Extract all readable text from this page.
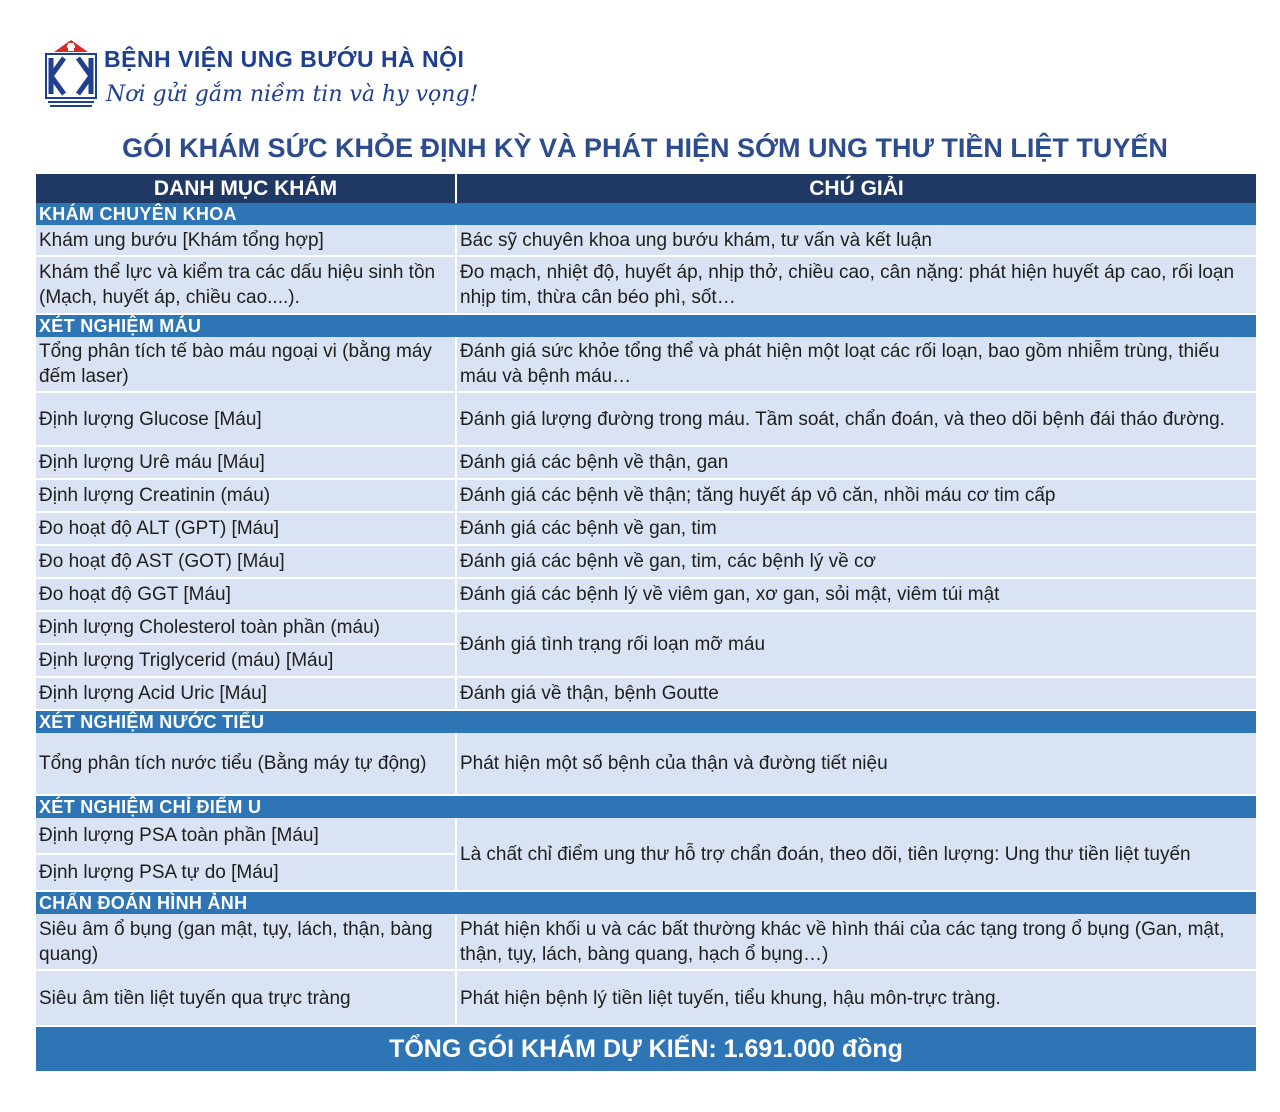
BỆNH VIỆN UNG BƯỚU HÀ NỘI
Nơi gửi gắm niềm tin và hy vọng!
GÓI KHÁM SỨC KHỎE ĐỊNH KỲ VÀ PHÁT HIỆN SỚM UNG THƯ TIỀN LIỆT TUYẾN
DANH MỤC KHÁM	CHÚ GIẢI
KHÁM CHUYÊN KHOA	
Khám ung bướu [Khám tổng hợp]	Bác sỹ chuyên khoa ung bướu khám, tư vấn và kết luận
Khám thể lực và kiểm tra các dấu hiệu sinh tồn (Mạch, huyết áp, chiều cao....).	Đo mạch, nhiệt độ, huyết áp, nhịp thở, chiều cao, cân nặng: phát hiện huyết áp cao, rối loạn nhịp tim, thừa cân béo phì, sốt…
XÉT NGHIỆM MÁU	
Tổng phân tích tế bào máu ngoại vi (bằng máy đếm laser)	Đánh giá sức khỏe tổng thể và phát hiện một loạt các rối loạn, bao gồm nhiễm trùng, thiếu máu và bệnh máu…
Định lượng Glucose [Máu]	Đánh giá lượng đường trong máu. Tầm soát, chẩn đoán, và theo dõi bệnh đái tháo đường.
Định lượng Urê máu [Máu]	Đánh giá các bệnh về thận, gan
Định lượng Creatinin (máu)	Đánh giá các bệnh về thận; tăng huyết áp vô căn, nhồi máu cơ tim cấp
Đo hoạt độ ALT (GPT) [Máu]	Đánh giá các bệnh về gan, tim
Đo hoạt độ AST (GOT) [Máu]	Đánh giá các bệnh về gan, tim, các bệnh lý về cơ
Đo hoạt độ GGT [Máu]	Đánh giá các bệnh lý về viêm gan, xơ gan, sỏi mật, viêm túi mật
Định lượng Cholesterol toàn phần (máu)	Đánh giá tình trạng rối loạn mỡ máu
Định lượng Triglycerid (máu) [Máu]	
Định lượng Acid Uric [Máu]	Đánh giá về thận, bệnh Goutte
XÉT NGHIỆM NƯỚC TIỂU	
Tổng phân tích nước tiểu (Bằng máy tự động)	Phát hiện một số bệnh của thận và đường tiết niệu
XÉT NGHIỆM CHỈ ĐIỂM U	
Định lượng PSA toàn phần [Máu]	Là chất chỉ điểm ung thư hỗ trợ chẩn đoán, theo dõi, tiên lượng: Ung thư tiền liệt tuyến
Định lượng PSA tự do [Máu]	
CHẨN ĐOÁN HÌNH ẢNH	
Siêu âm ổ bụng (gan mật, tụy, lách, thận, bàng quang)	Phát hiện khối u và các bất thường khác về hình thái của các tạng trong ổ bụng (Gan, mật, thận, tụy, lách, bàng quang, hạch ổ bụng…)
Siêu âm tiền liệt tuyến qua trực tràng	Phát hiện bệnh lý tiền liệt tuyến, tiểu khung, hậu môn-trực tràng.
TỔNG GÓI KHÁM DỰ KIẾN: 1.691.000 đồng	
